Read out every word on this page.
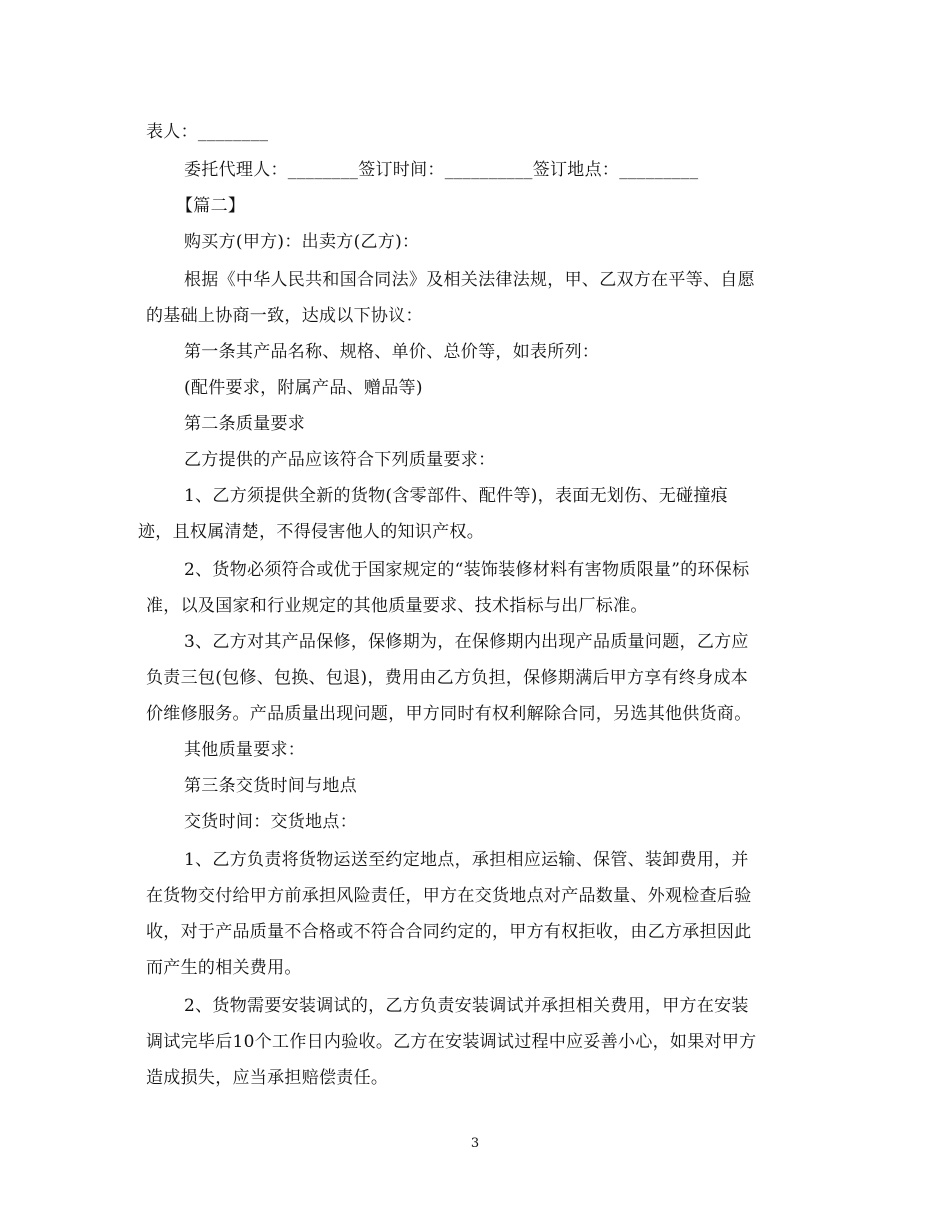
表人：________
委托代理人：________签订时间：__________签订地点：_________
【篇二】
购买方(甲方)：出卖方(乙方)：
根据《中华人民共和国合同法》及相关法律法规，甲、乙双方在平等、自愿
的基础上协商一致，达成以下协议：
第一条其产品名称、规格、单价、总价等，如表所列：
(配件要求，附属产品、赠品等)
第二条质量要求
乙方提供的产品应该符合下列质量要求：
1、乙方须提供全新的货物(含零部件、配件等)，表面无划伤、无碰撞痕
迹，且权属清楚，不得侵害他人的知识产权。
2、货物必须符合或优于国家规定的“装饰装修材料有害物质限量”的环保标
准，以及国家和行业规定的其他质量要求、技术指标与出厂标准。
3、乙方对其产品保修，保修期为，在保修期内出现产品质量问题，乙方应
负责三包(包修、包换、包退)，费用由乙方负担，保修期满后甲方享有终身成本
价维修服务。产品质量出现问题，甲方同时有权利解除合同，另选其他供货商。
其他质量要求：
第三条交货时间与地点
交货时间：交货地点：
1、乙方负责将货物运送至约定地点，承担相应运输、保管、装卸费用，并
在货物交付给甲方前承担风险责任，甲方在交货地点对产品数量、外观检查后验
收，对于产品质量不合格或不符合合同约定的，甲方有权拒收，由乙方承担因此
而产生的相关费用。
2、货物需要安装调试的，乙方负责安装调试并承担相关费用，甲方在安装
调试完毕后10个工作日内验收。乙方在安装调试过程中应妥善小心，如果对甲方
造成损失，应当承担赔偿责任。
3
